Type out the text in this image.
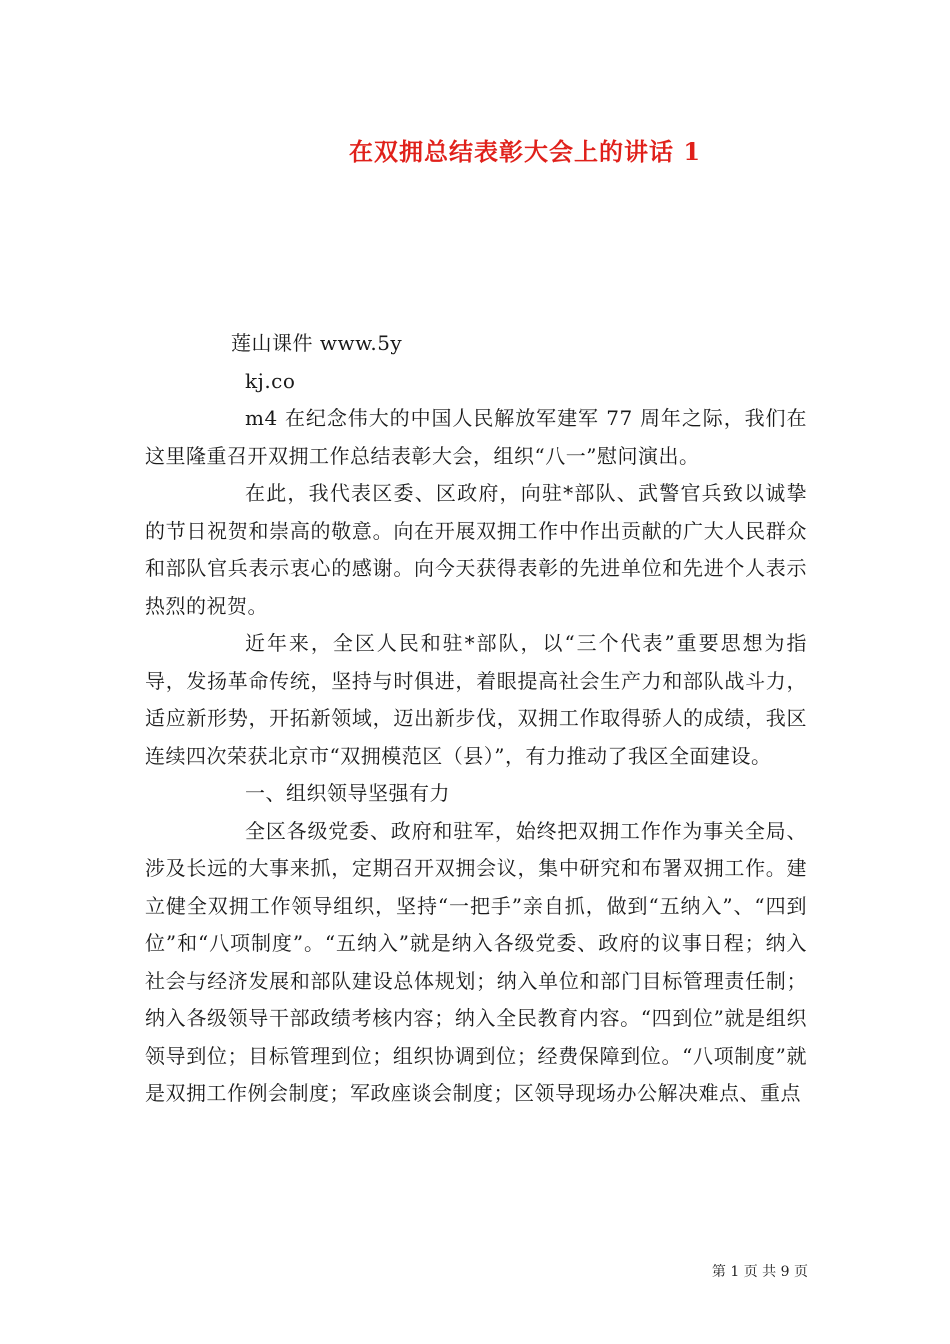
在双拥总结表彰大会上的讲话 1

莲山课件 www.5y

kj.co

m4 在纪念伟大的中国人民解放军建军 77 周年之际，我们在这里隆重召开双拥工作总结表彰大会，组织“八一”慰问演出。

在此，我代表区委、区政府，向驻*部队、武警官兵致以诚挚的节日祝贺和崇高的敬意。向在开展双拥工作中作出贡献的广大人民群众和部队官兵表示衷心的感谢。向今天获得表彰的先进单位和先进个人表示热烈的祝贺。

近年来，全区人民和驻*部队，以“三个代表”重要思想为指导，发扬革命传统，坚持与时俱进，着眼提高社会生产力和部队战斗力，适应新形势，开拓新领域，迈出新步伐，双拥工作取得骄人的成绩，我区连续四次荣获北京市“双拥模范区（县）”，有力推动了我区全面建设。

一、组织领导坚强有力

全区各级党委、政府和驻军，始终把双拥工作作为事关全局、涉及长远的大事来抓，定期召开双拥会议，集中研究和布署双拥工作。建立健全双拥工作领导组织，坚持“一把手”亲自抓，做到“五纳入”、“四到位”和“八项制度”。“五纳入”就是纳入各级党委、政府的议事日程；纳入社会与经济发展和部队建设总体规划；纳入单位和部门目标管理责任制；纳入各级领导干部政绩考核内容；纳入全民教育内容。“四到位”就是组织领导到位；目标管理到位；组织协调到位；经费保障到位。“八项制度”就是双拥工作例会制度；军政座谈会制度；区领导现场办公解决难点、重点

第 1 页 共 9 页
